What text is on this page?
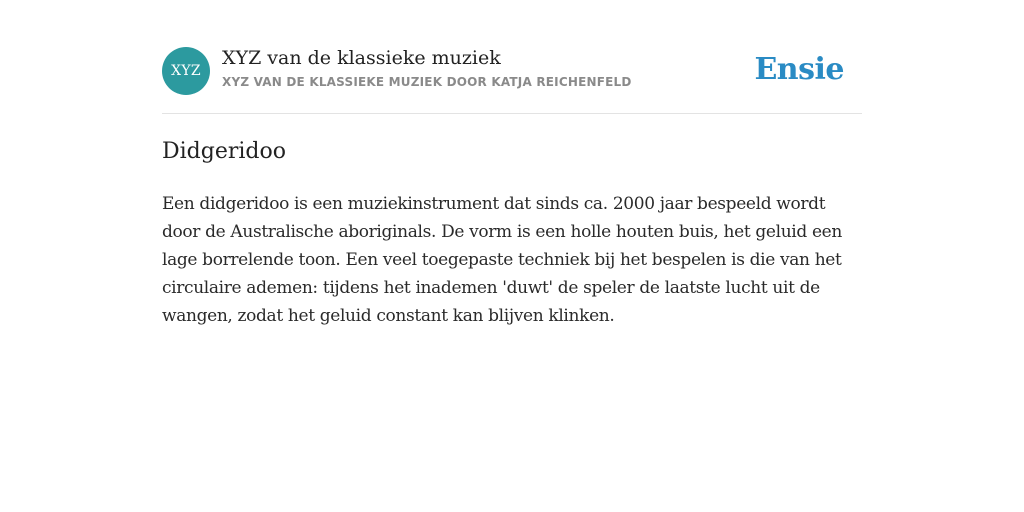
XYZ
XYZ van de klassieke muziek
XYZ VAN DE KLASSIEKE MUZIEK DOOR KATJA REICHENFELD	Ensie
Didgeridoo

Een didgeridoo is een muziekinstrument dat sinds ca. 2000 jaar bespeeld wordt door de Australische aboriginals. De vorm is een holle houten buis, het geluid een lage borrelende toon. Een veel toegepaste techniek bij het bespelen is die van het circulaire ademen: tijdens het inademen 'duwt' de speler de laatste lucht uit de wangen, zodat het geluid constant kan blijven klinken.
